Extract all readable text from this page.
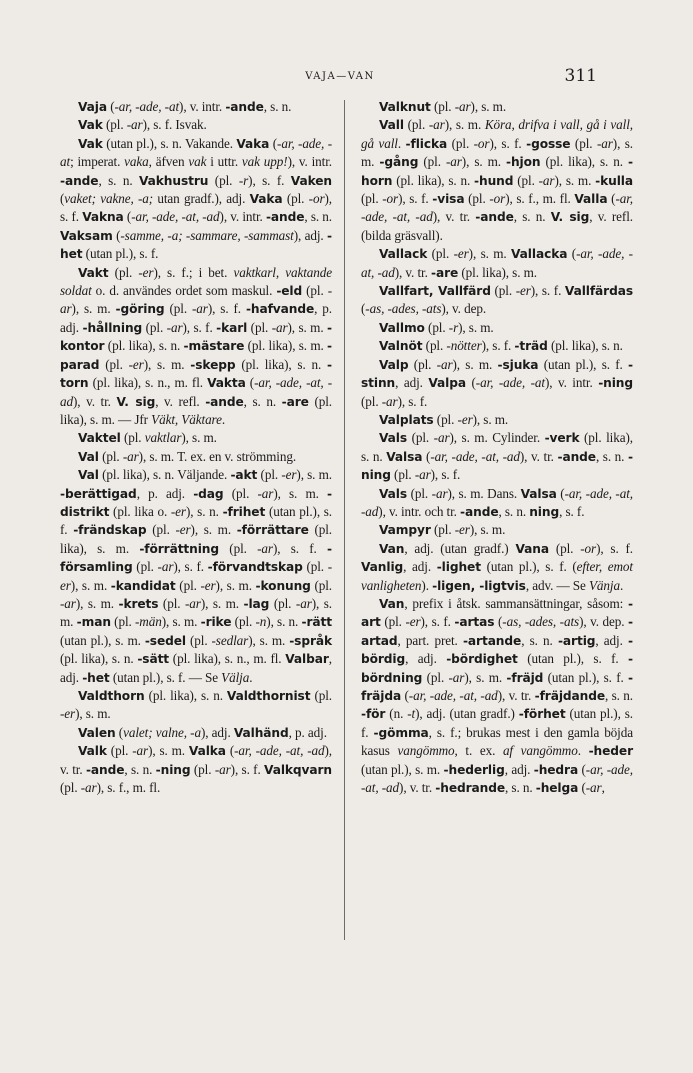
VAJA—VAN	311

Vaja (-ar, -ade, -at), v. intr. -ande, s. n.

Vak (pl. -ar), s. f. Isvak.

Vak (utan pl.), s. n. Vakande. Vaka (-ar, -ade, -at; imperat. vaka, äfven vak i uttr. vak upp!), v. intr. -ande, s. n. Vakhustru (pl. -r), s. f. Vaken (vaket; vakne, -a; utan gradf.), adj. Vaka (pl. -or), s. f. Vakna (-ar, -ade, -at, -ad), v. intr. -ande, s. n. Vaksam (-samme, -a; -sammare, -sammast), adj. -het (utan pl.), s. f.

Vakt (pl. -er), s. f.; i bet. vaktkarl, vaktande soldat o. d. användes ordet som maskul. -eld (pl. -ar), s. m. -göring (pl. -ar), s. f. -hafvande, p. adj. -hållning (pl. -ar), s. f. -karl (pl. -ar), s. m. -kontor (pl. lika), s. n. -mästare (pl. lika), s. m. -parad (pl. -er), s. m. -skepp (pl. lika), s. n. -torn (pl. lika), s. n., m. fl. Vakta (-ar, -ade, -at, -ad), v. tr. V. sig, v. refl. -ande, s. n. -are (pl. lika), s. m. — Jfr Väkt, Väktare.

Vaktel (pl. vaktlar), s. m.

Val (pl. -ar), s. m. T. ex. en v. strömming.

Val (pl. lika), s. n. Väljande. -akt (pl. -er), s. m. -berättigad, p. adj. -dag (pl. -ar), s. m. -distrikt (pl. lika o. -er), s. n. -frihet (utan pl.), s. f. -frändskap (pl. -er), s. m. -förrättare (pl. lika), s. m. -förrättning (pl. -ar), s. f. -församling (pl. -ar), s. f. -förvandtskap (pl. -er), s. m. -kandidat (pl. -er), s. m. -konung (pl. -ar), s. m. -krets (pl. -ar), s. m. -lag (pl. -ar), s. m. -man (pl. -män), s. m. -rike (pl. -n), s. n. -rätt (utan pl.), s. m. -sedel (pl. -sedlar), s. m. -språk (pl. lika), s. n. -sätt (pl. lika), s. n., m. fl. Valbar, adj. -het (utan pl.), s. f. — Se Välja.

Valdthorn (pl. lika), s. n. Valdthornist (pl. -er), s. m.

Valen (valet; valne, -a), adj. Valhänd, p. adj.

Valk (pl. -ar), s. m. Valka (-ar, -ade, -at, -ad), v. tr. -ande, s. n. -ning (pl. -ar), s. f. Valkqvarn (pl. -ar), s. f., m. fl.

Valknut (pl. -ar), s. m.

Vall (pl. -ar), s. m. Köra, drifva i vall, gå i vall, gå vall. -flicka (pl. -or), s. f. -gosse (pl. -ar), s. m. -gång (pl. -ar), s. m. -hjon (pl. lika), s. n. -horn (pl. lika), s. n. -hund (pl. -ar), s. m. -kulla (pl. -or), s. f. -visa (pl. -or), s. f., m. fl. Valla (-ar, -ade, -at, -ad), v. tr. -ande, s. n. V. sig, v. refl. (bilda gräsvall).

Vallack (pl. -er), s. m. Vallacka (-ar, -ade, -at, -ad), v. tr. -are (pl. lika), s. m.

Vallfart, Vallfärd (pl. -er), s. f. Vallfärdas (-as, -ades, -ats), v. dep.

Vallmo (pl. -r), s. m.

Valnöt (pl. -nötter), s. f. -träd (pl. lika), s. n.

Valp (pl. -ar), s. m. -sjuka (utan pl.), s. f. -stinn, adj. Valpa (-ar, -ade, -at), v. intr. -ning (pl. -ar), s. f.

Valplats (pl. -er), s. m.

Vals (pl. -ar), s. m. Cylinder. -verk (pl. lika), s. n. Valsa (-ar, -ade, -at, -ad), v. tr. -ande, s. n. -ning (pl. -ar), s. f.

Vals (pl. -ar), s. m. Dans. Valsa (-ar, -ade, -at, -ad), v. intr. och tr. -ande, s. n. ning, s. f.

Vampyr (pl. -er), s. m.

Van, adj. (utan gradf.) Vana (pl. -or), s. f. Vanlig, adj. -lighet (utan pl.), s. f. (efter, emot vanligheten). -ligen, -ligtvis, adv. — Se Vänja.

Van, prefix i åtsk. sammansättningar, såsom: -art (pl. -er), s. f. -artas (-as, -ades, -ats), v. dep. -artad, part. pret. -artande, s. n. -artig, adj. -bördig, adj. -bördighet (utan pl.), s. f. -bördning (pl. -ar), s. m. -fräjd (utan pl.), s. f. -fräjda (-ar, -ade, -at, -ad), v. tr. -fräjdande, s. n. -för (n. -t), adj. (utan gradf.) -förhet (utan pl.), s. f. -gömma, s. f.; brukas mest i den gamla böjda kasus vangömmo, t. ex. af vangömmo. -heder (utan pl.), s. m. -hederlig, adj. -hedra (-ar, -ade, -at, -ad), v. tr. -hedrande, s. n. -helga (-ar,
